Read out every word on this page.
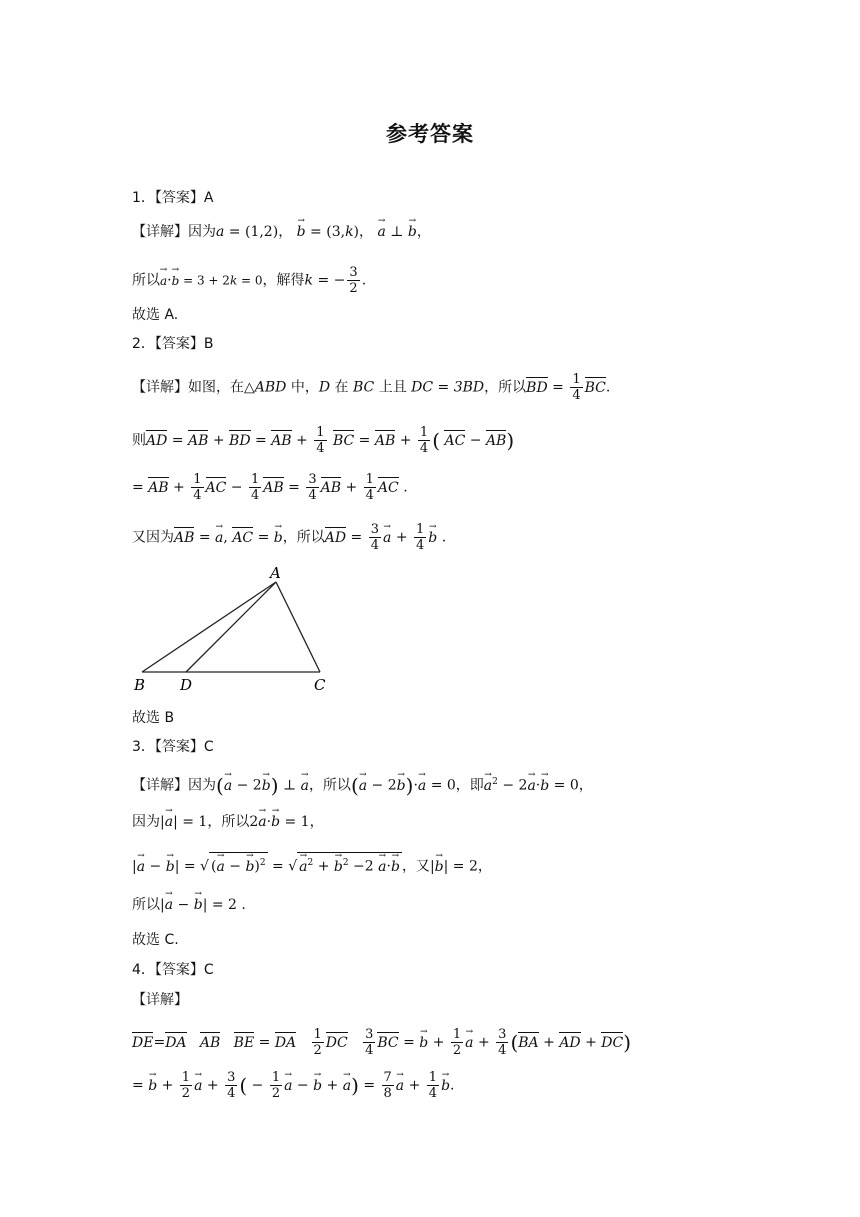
参考答案
1．【答案】A
【详解】因为a = (1,2)， → b = (3,k)， → a ⊥ → b，
所以→ a·→ b = 3 + 2k = 0，解得k = − $\frac{3}{2}$ .
故选 A.
2．【答案】B
【详解】如图，在△ABD 中，D 在 BC 上且 DC = 3BD，所以BD = $\frac{1}{4}$ BC.
则AD = AB + BD = AB + $\frac{1}{4}$ BC = AB + $\frac{1}{4}$ ( AC − AB)
= AB + $\frac{1}{4}$ AC − $\frac{1}{4}$ AB = $\frac{3}{4}$ AB + $\frac{1}{4}$ AC .
又因为AB = → a, AC = → b，所以AD = $\frac{3}{4}$
→ $a + \frac{1}{4}$
→ b .
A
B D	C
故选 B
3．【答案】C
【详解】因为(→ a − 2→ b) ⊥ → a，所以(→ a − 2→ b)·→ a = 0，即→ $a^2 - 2\to a\cdot\to b = 0$，
因为|→ a| = 1，所以2→ a·→ b = 1，
|→ a − → b| = √ (→ a − → b)$^2$ = √→ $a^2$ + → $b^2 -2 \to a\cdot\to b$ ，又|→ b| = 2，
所以|→ a − → b| = 2 .
故选 C.
4．【答案】C
【详解】
DE=DA AB BE = DA $\frac{1}{2}$ DC $\frac{3}{4}$ BC = → $b + \frac{1}{2}$
→ $a + \frac{3}{4} (BA$ + AD + DC)
= → $b + \frac{1}{2}$
→ $a + \frac{3}{4}$ ( − $\frac{1}{2}$
→ a − → b + → $a) = \frac{7}{8}$
→ $a + \frac{1}{4}$
→ b.
